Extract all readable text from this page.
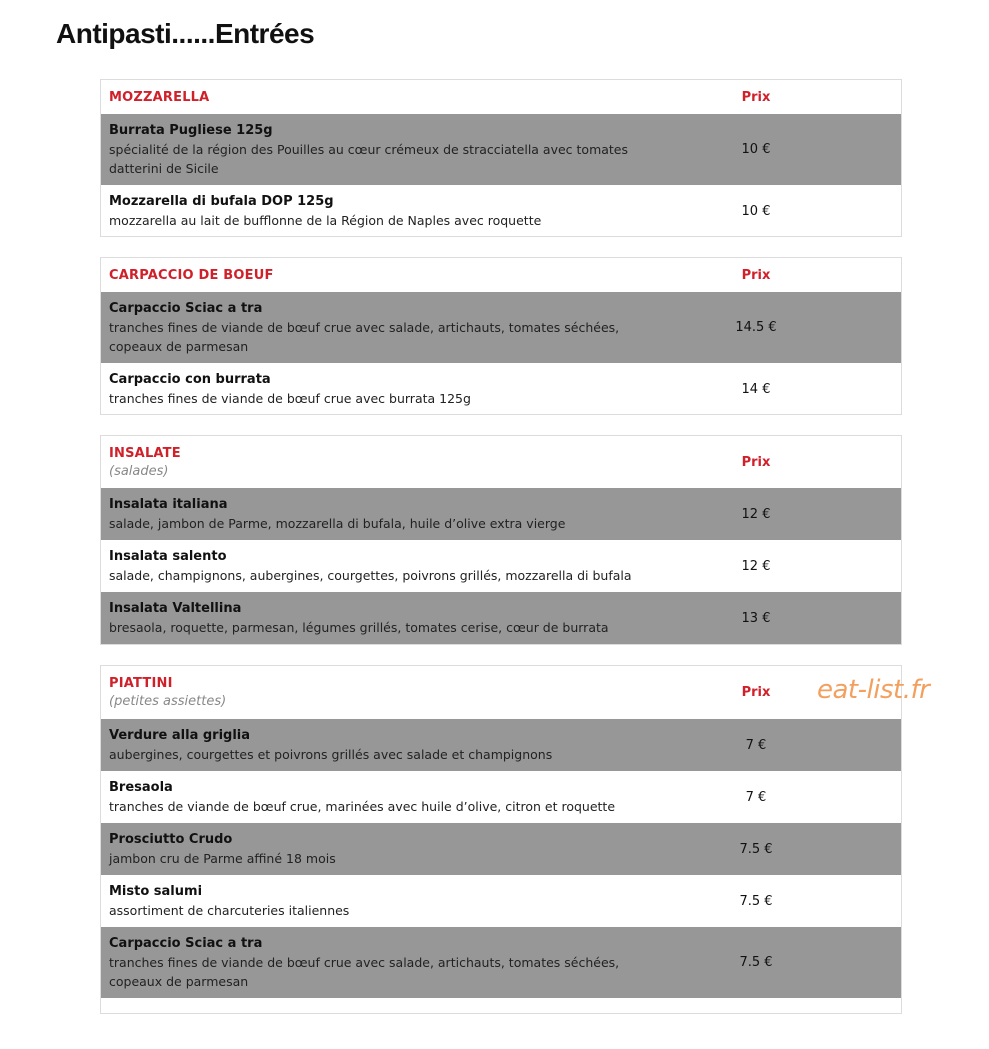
Antipasti......Entrées
MOZZARELLA	Prix
Burrata Pugliese 125g
spécialité de la région des Pouilles au cœur crémeux de stracciatella avec tomates datterini de Sicile
10 €
Mozzarella di bufala DOP 125g
mozzarella au lait de bufflonne de la Région de Naples avec roquette
10 €
CARPACCIO DE BOEUF	Prix
Carpaccio Sciac a tra
tranches fines de viande de bœuf crue avec salade, artichauts, tomates séchées, copeaux de parmesan
14.5 €
Carpaccio con burrata
tranches fines de viande de bœuf crue avec burrata 125g
14 €
INSALATE
(salades)
Prix
Insalata italiana
salade, jambon de Parme, mozzarella di bufala, huile d’olive extra vierge
12 €
Insalata salento
salade, champignons, aubergines, courgettes, poivrons grillés, mozzarella di bufala
12 €
Insalata Valtellina
bresaola, roquette, parmesan, légumes grillés, tomates cerise, cœur de burrata
13 €
PIATTINI
(petites assiettes)
Prix
Verdure alla griglia
aubergines, courgettes et poivrons grillés avec salade et champignons
7 €
Bresaola
tranches de viande de bœuf crue, marinées avec huile d’olive, citron et roquette
7 €
Prosciutto Crudo
jambon cru de Parme affiné 18 mois
7.5 €
Misto salumi
assortiment de charcuteries italiennes
7.5 €
Carpaccio Sciac a tra
tranches fines de viande de bœuf crue avec salade, artichauts, tomates séchées, copeaux de parmesan
7.5 €
eat-list.fr
